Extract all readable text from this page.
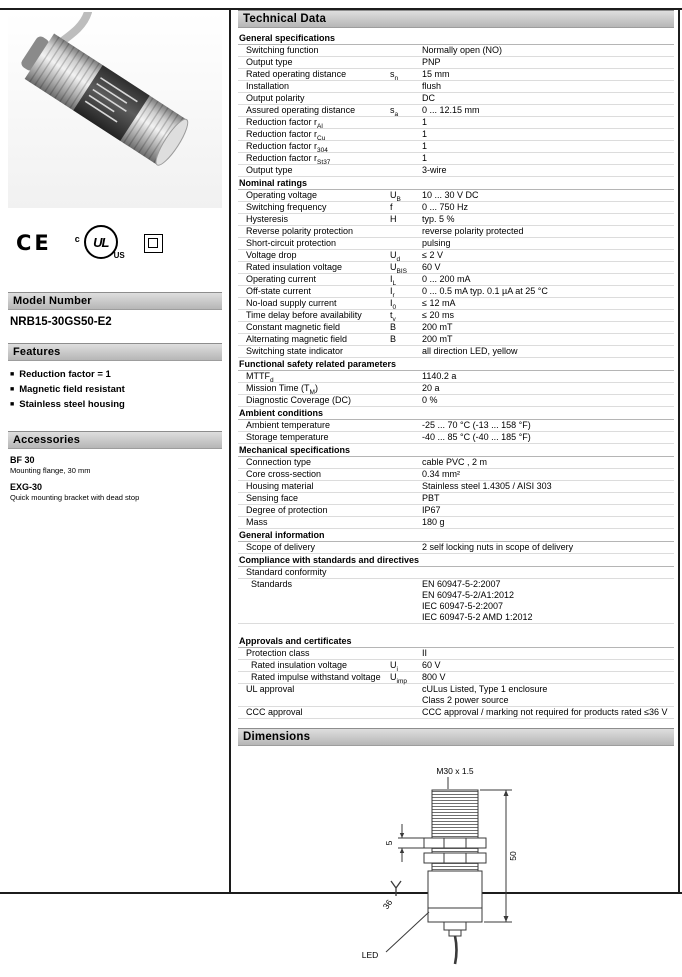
CE	c	UL
US
Model Number
NRB15-30GS50-E2
Features
■ Reduction factor = 1
■ Magnetic field resistant
■ Stainless steel housing
Accessories
BF 30
Mounting flange, 30 mm
EXG-30
Quick mounting bracket with dead stop
Technical Data
General specifications
Switching function	Normally open (NO)
Output type	PNP
Rated operating distance	$s_n$	15 mm
Installation	flush
Output polarity	DC
Assured operating distance	$s_a$	0 ... 12.15 mm
Reduction factor $r_{Al}$	1
Reduction factor $r_{Cu}$	1
Reduction factor $r_{304}$	1
Reduction factor $r_{St37}$	1
Output type	3-wire
Nominal ratings
Operating voltage	$U_B$	10 ... 30 V DC
Switching frequency	f	0 ... 750 Hz
Hysteresis	H	typ. 5 %
Reverse polarity protection	reverse polarity protected
Short-circuit protection	pulsing
Voltage drop	$U_d$	≤ 2 V
Rated insulation voltage	$U_{BIS}$	60 V
Operating current	$I_L$	0 ... 200 mA
Off-state current	$I_r$	0 ... 0.5 mA typ. 0.1 µA at 25 °C
No-load supply current	$I_0$	≤ 12 mA
Time delay before availability	$t_v$	≤ 20 ms
Constant magnetic field	B	200 mT
Alternating magnetic field	B	200 mT
Switching state indicator	all direction LED, yellow
Functional safety related parameters
$MTTF_d$	1140.2 a
Mission Time $(T_M)$	20 a
Diagnostic Coverage (DC)	0 %
Ambient conditions
Ambient temperature	-25 ... 70 °C (-13 ... 158 °F)
Storage temperature	-40 ... 85 °C (-40 ... 185 °F)
Mechanical specifications
Connection type	cable PVC , 2 m
Core cross-section	0.34 mm²
Housing material	Stainless steel 1.4305 / AISI 303
Sensing face	PBT
Degree of protection	IP67
Mass	180 g
General information
Scope of delivery	2 self locking nuts in scope of delivery
Compliance with standards and directives
Standard conformity
Standards	EN 60947-5-2:2007
EN 60947-5-2/A1:2012
IEC 60947-5-2:2007
IEC 60947-5-2 AMD 1:2012
Approvals and certificates
Protection class	II
Rated insulation voltage	$U_i$	60 V
Rated impulse withstand voltage	$U_{imp}$	800 V
UL approval	cULus Listed, Type 1 enclosure
Class 2 power source
CCC approval	CCC approval / marking not required for products rated ≤36 V
Dimensions
M30 x 1.5
50
5
36
LED
